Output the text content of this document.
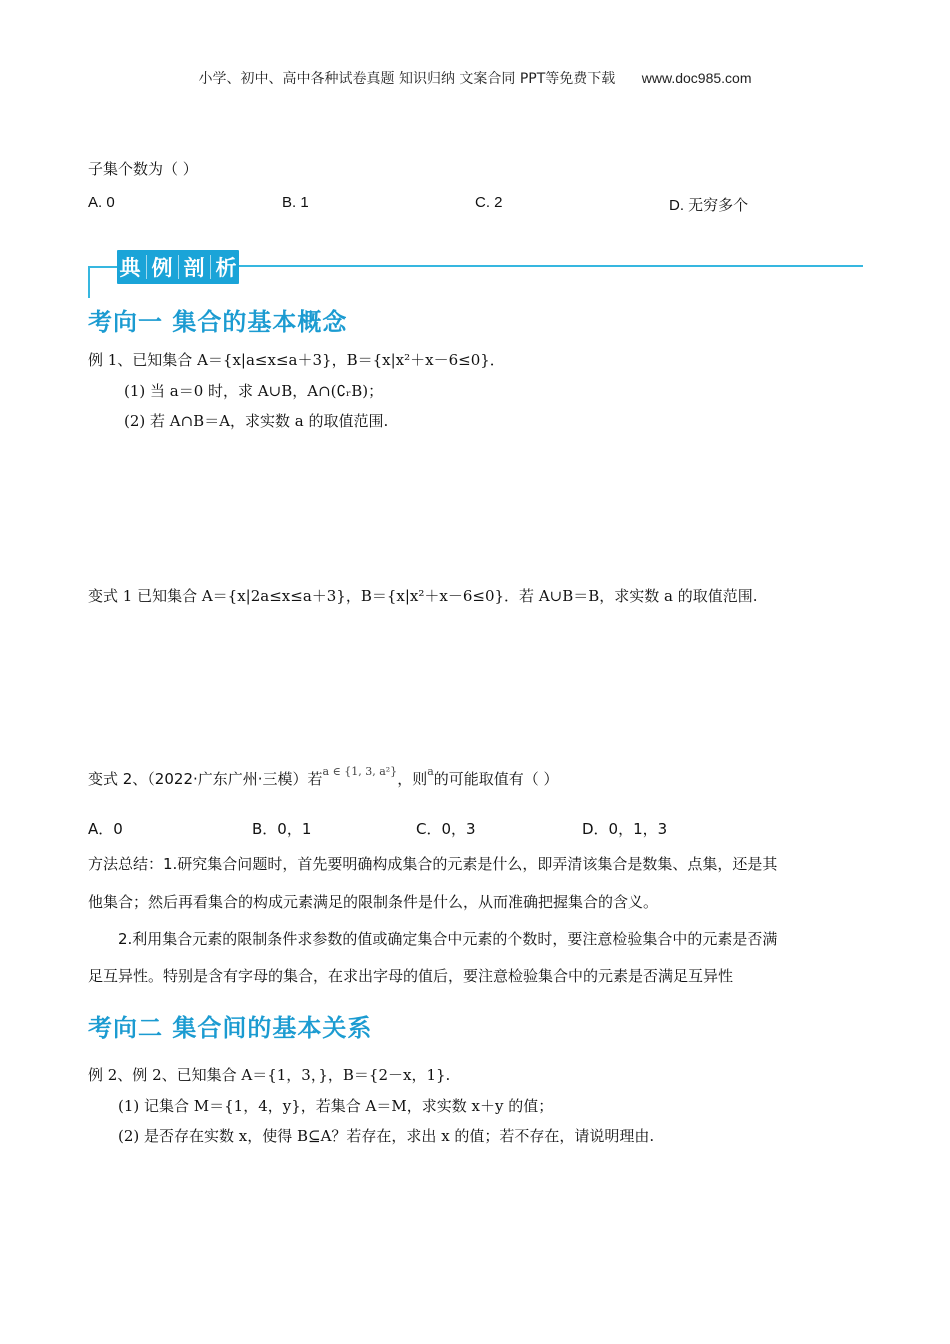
小学、初中、高中各种试卷真题 知识归纳 文案合同 PPT等免费下载 www.doc985.com
子集个数为（ ）
A. 0	B. 1	C. 2	D. 无穷多个
典 例 剖 析
考向一 集合的基本概念
例 1、已知集合 A＝{x|a≤x≤a＋3}，B＝{x|x²＋x－6≤0}．
(1) 当 a＝0 时，求 A∪B，A∩(∁ᵣB)；
(2) 若 A∩B＝A，求实数 a 的取值范围.
变式 1 已知集合 A＝{x|2a≤x≤a＋3}，B＝{x|x²＋x－6≤0}．若 A∪B＝B，求实数 a 的取值范围.
变式 2、（2022·广东广州·三模）若$^{a \in \{1, 3, a^2\}}$，则$^a$的可能取值有（ ）
A．0	B．0，1	C．0，3	D．0，1，3
方法总结：1.研究集合问题时，首先要明确构成集合的元素是什么，即弄清该集合是数集、点集，还是其
他集合；然后再看集合的构成元素满足的限制条件是什么，从而准确把握集合的含义。
2.利用集合元素的限制条件求参数的值或确定集合中元素的个数时，要注意检验集合中的元素是否满
足互异性。特别是含有字母的集合，在求出字母的值后，要注意检验集合中的元素是否满足互异性
考向二 集合间的基本关系
例 2、例 2、已知集合 A＝{1，3，}，B＝{2－x，1}.
(1) 记集合 M＝{1，4，y}，若集合 A＝M，求实数 x＋y 的值；
(2) 是否存在实数 x，使得 B⊆A？若存在，求出 x 的值；若不存在，请说明理由.
